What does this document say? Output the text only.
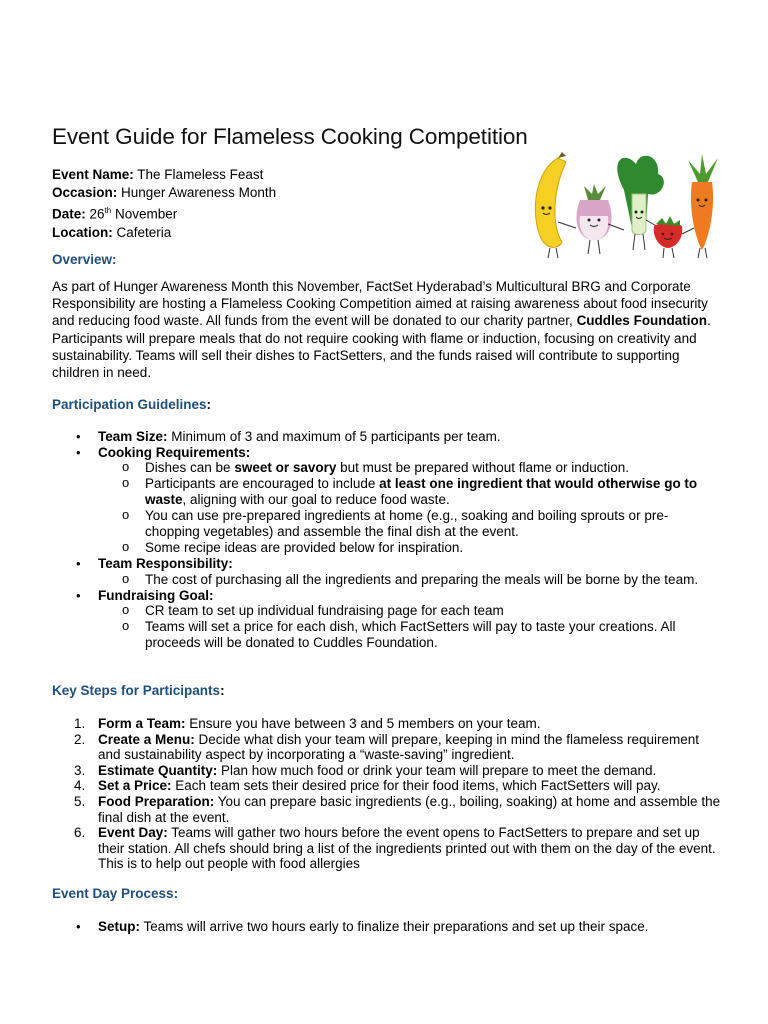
Event Guide for Flameless Cooking Competition
Event Name: The Flameless Feast
Occasion: Hunger Awareness Month
Date: 26th November
Location: Cafeteria
Overview:

As part of Hunger Awareness Month this November, FactSet Hyderabad’s Multicultural BRG and Corporate Responsibility are hosting a Flameless Cooking Competition aimed at raising awareness about food insecurity and reducing food waste. All funds from the event will be donated to our charity partner, Cuddles Foundation. Participants will prepare meals that do not require cooking with flame or induction, focusing on creativity and sustainability. Teams will sell their dishes to FactSetters, and the funds raised will contribute to supporting children in need.

Participation Guidelines:
• Team Size: Minimum of 3 and maximum of 5 participants per team.
• Cooking Requirements:
o Dishes can be sweet or savory but must be prepared without flame or induction.
o Participants are encouraged to include at least one ingredient that would otherwise go to waste, aligning with our goal to reduce food waste.
o You can use pre-prepared ingredients at home (e.g., soaking and boiling sprouts or pre-chopping vegetables) and assemble the final dish at the event.
o Some recipe ideas are provided below for inspiration.
• Team Responsibility:
o The cost of purchasing all the ingredients and preparing the meals will be borne by the team.
• Fundraising Goal:
o CR team to set up individual fundraising page for each team
o Teams will set a price for each dish, which FactSetters will pay to taste your creations. All proceeds will be donated to Cuddles Foundation.
Key Steps for Participants:
1. Form a Team: Ensure you have between 3 and 5 members on your team.
2. Create a Menu: Decide what dish your team will prepare, keeping in mind the flameless requirement and sustainability aspect by incorporating a “waste-saving” ingredient.
3. Estimate Quantity: Plan how much food or drink your team will prepare to meet the demand.
4. Set a Price: Each team sets their desired price for their food items, which FactSetters will pay.
5. Food Preparation: You can prepare basic ingredients (e.g., boiling, soaking) at home and assemble the final dish at the event.
6. Event Day: Teams will gather two hours before the event opens to FactSetters to prepare and set up their station. All chefs should bring a list of the ingredients printed out with them on the day of the event. This is to help out people with food allergies
Event Day Process:
• Setup: Teams will arrive two hours early to finalize their preparations and set up their space.
